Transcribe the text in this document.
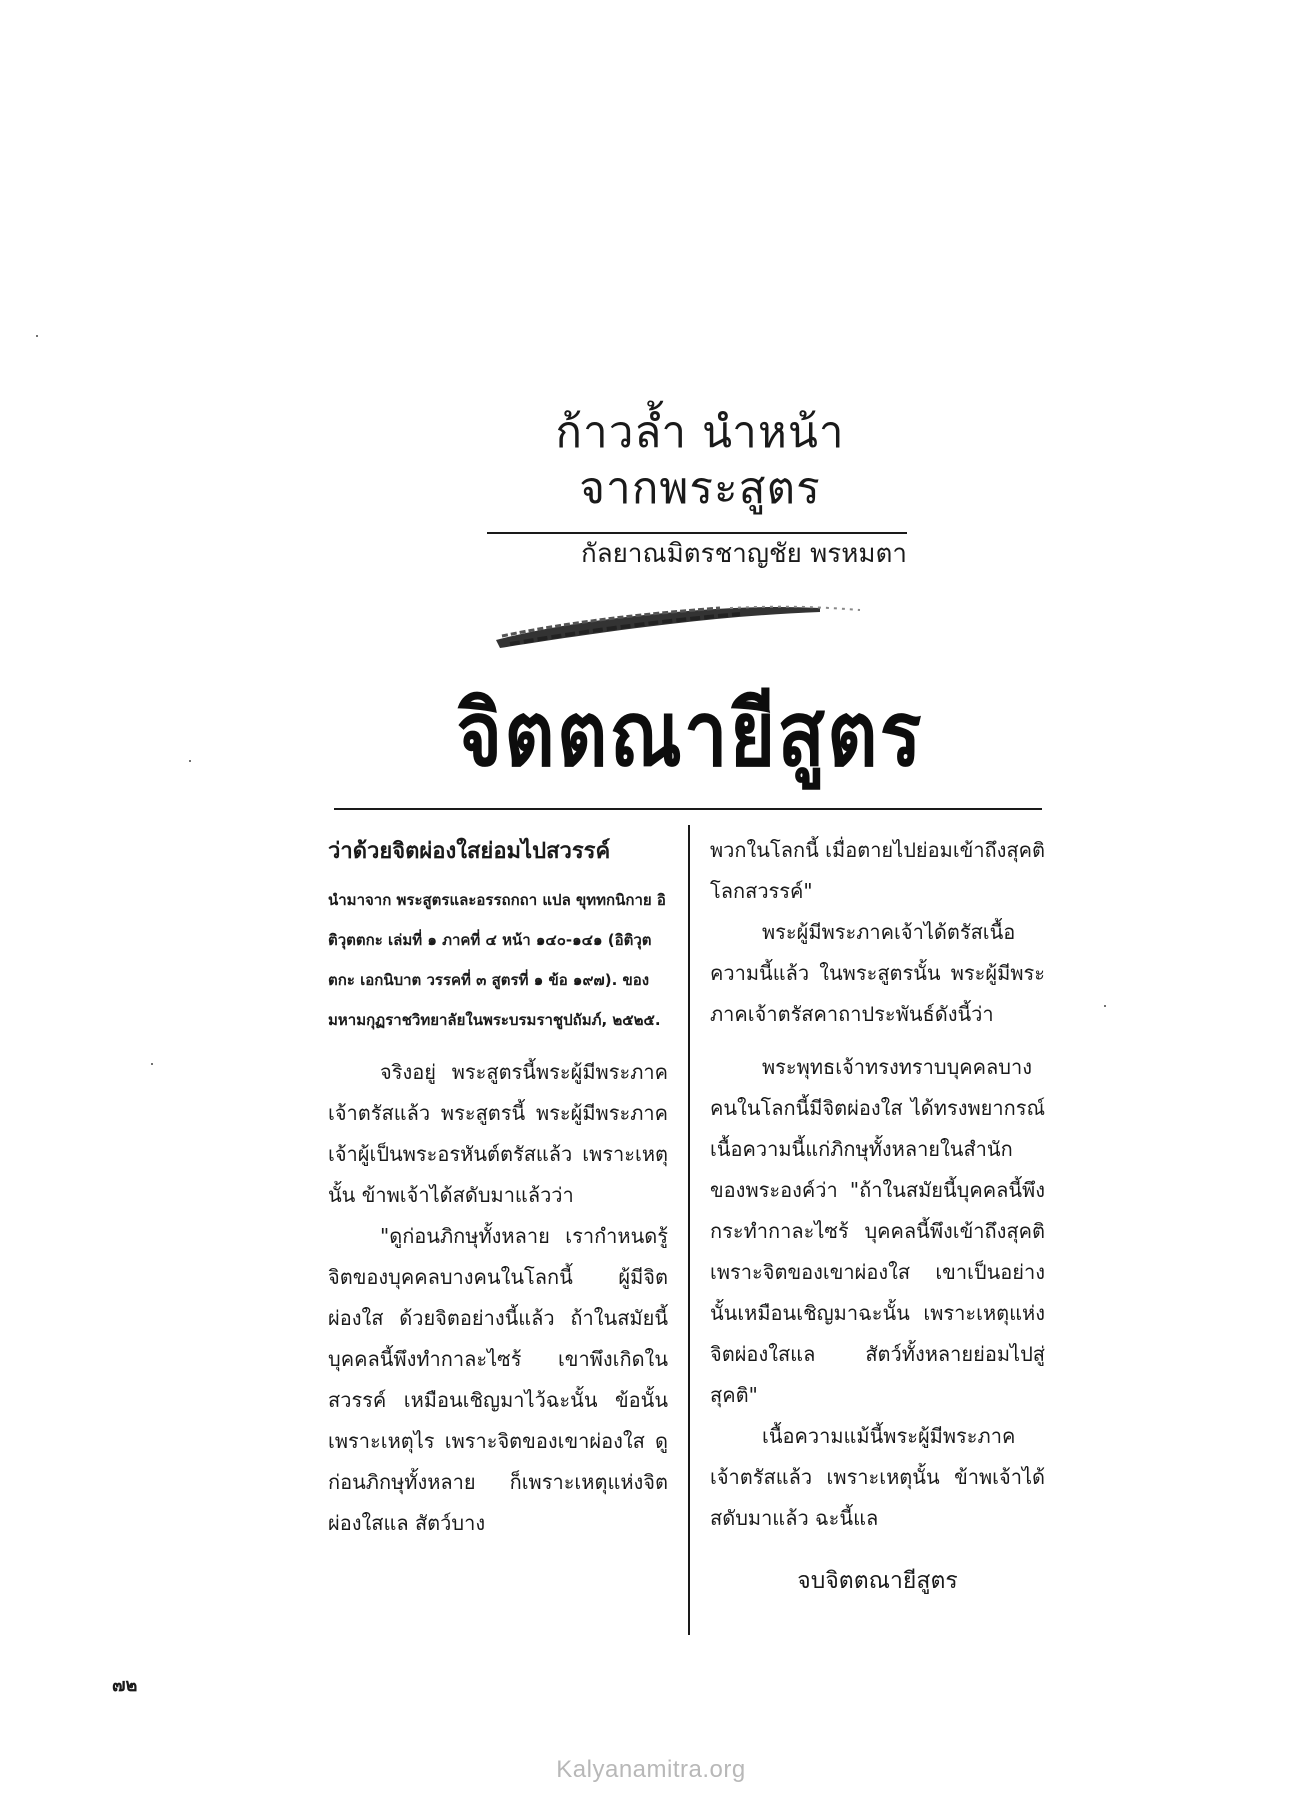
ก้าวล้ำ นำหน้า
จากพระสูตร
กัลยาณมิตรชาญชัย พรหมตา
จิตตณายีสูตร
ว่าด้วยจิตผ่องใสย่อมไปสวรรค์
นำมาจาก พระสูตรและอรรถกถา แปล ขุททกนิกาย อิติวุตตกะ เล่มที่ ๑ ภาคที่ ๔ หน้า ๑๔๐-๑๔๑ (อิติวุตตกะ เอกนิบาต วรรคที่ ๓ สูตรที่ ๑ ข้อ ๑๙๗). ของ มหามกุฏราชวิทยาลัยในพระบรมราชูปถัมภ์, ๒๕๒๕.

จริงอยู่ พระสูตรนี้พระผู้มีพระภาคเจ้าตรัสแล้ว พระสูตรนี้ พระผู้มีพระภาคเจ้าผู้เป็นพระอรหันต์ตรัสแล้ว เพราะเหตุนั้น ข้าพเจ้าได้สดับมาแล้วว่า

"ดูก่อนภิกษุทั้งหลาย เรากำหนดรู้จิตของบุคคลบางคนในโลกนี้ ผู้มีจิตผ่องใส ด้วยจิตอย่างนี้แล้ว ถ้าในสมัยนี้ บุคคลนี้พึงทำกาละไซร้ เขาพึงเกิดในสวรรค์ เหมือนเชิญมาไว้ฉะนั้น ข้อนั้นเพราะเหตุไร เพราะจิตของเขาผ่องใส ดูก่อนภิกษุทั้งหลาย ก็เพราะเหตุแห่งจิตผ่องใสแล สัตว์บาง

พวกในโลกนี้ เมื่อตายไปย่อมเข้าถึงสุคติโลกสวรรค์"

พระผู้มีพระภาคเจ้าได้ตรัสเนื้อความนี้แล้ว ในพระสูตรนั้น พระผู้มีพระภาคเจ้าตรัสคาถาประพันธ์ดังนี้ว่า

พระพุทธเจ้าทรงทราบบุคคลบางคนในโลกนี้มีจิตผ่องใส ได้ทรงพยากรณ์เนื้อความนี้แก่ภิกษุทั้งหลายในสำนักของพระองค์ว่า "ถ้าในสมัยนี้บุคคลนี้พึงกระทำกาละไซร้ บุคคลนี้พึงเข้าถึงสุคติ เพราะจิตของเขาผ่องใส เขาเป็นอย่างนั้นเหมือนเชิญมาฉะนั้น เพราะเหตุแห่งจิตผ่องใสแล สัตว์ทั้งหลายย่อมไปสู่สุคติ"

เนื้อความแม้นี้พระผู้มีพระภาคเจ้าตรัสแล้ว เพราะเหตุนั้น ข้าพเจ้าได้สดับมาแล้ว ฉะนี้แล

จบจิตตณายีสูตร
๗๒
Kalyanamitra.org
